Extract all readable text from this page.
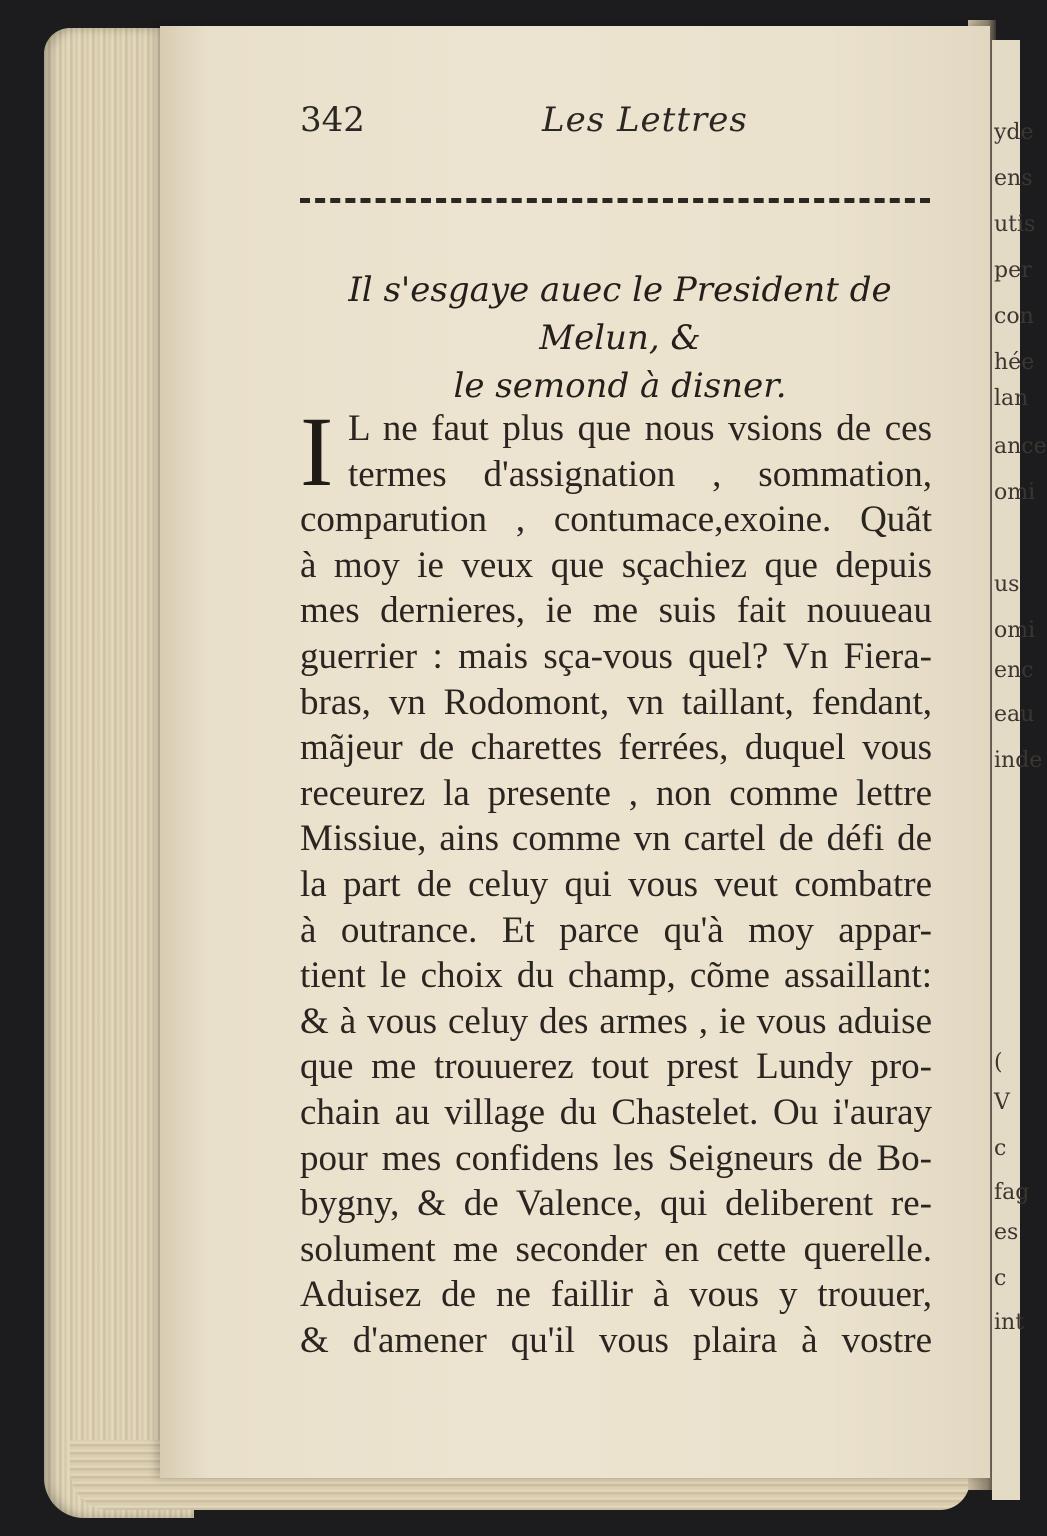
yde
ens
utis
per
con
hée
lan
ance
omi
us
omi
enc
eau
inde
(
V
c
fag
es
c
int
342	Les Lettres
Il s'esgaye auec le President de Melun, &
le semond à disner.
I L ne faut plus que nous vsions de ces
termes d'assignation , sommation,
comparution , contumace,exoine. Quãt
à moy ie veux que sçachiez que depuis
mes dernieres, ie me suis fait nouueau
guerrier : mais sça-vous quel? Vn Fiera-
bras, vn Rodomont, vn taillant, fendant,
mãjeur de charettes ferrées, duquel vous
receurez la presente , non comme lettre
Missiue, ains comme vn cartel de défi de
la part de celuy qui vous veut combatre
à outrance. Et parce qu'à moy appar-
tient le choix du champ, cõme assaillant:
& à vous celuy des armes , ie vous aduise
que me trouuerez tout prest Lundy pro-
chain au village du Chastelet. Ou i'auray
pour mes confidens les Seigneurs de Bo-
bygny, & de Valence, qui deliberent re-
solument me seconder en cette querelle.
Aduisez de ne faillir à vous y trouuer,
& d'amener qu'il vous plaira à vostre
